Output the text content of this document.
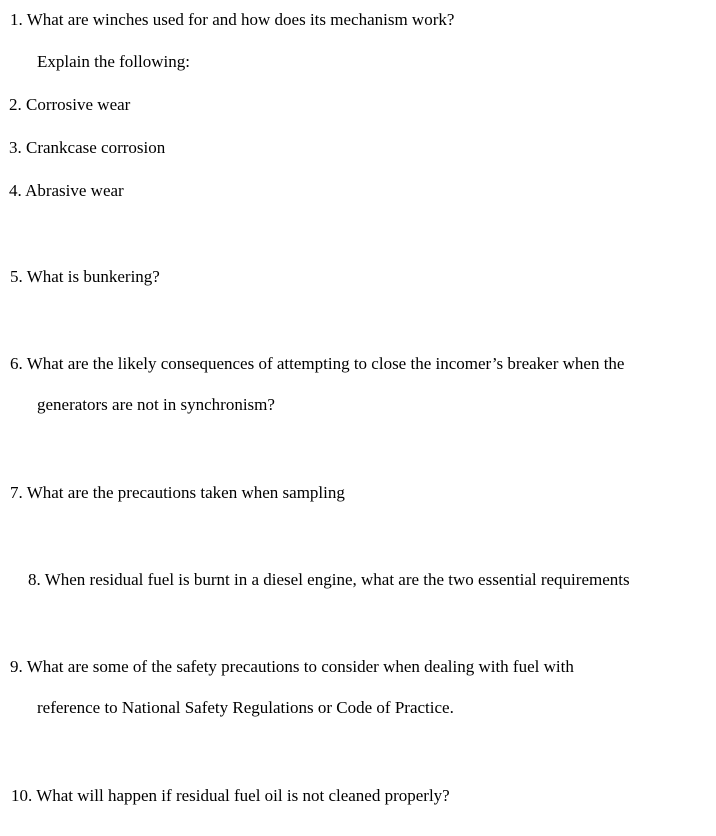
1. What are winches used for and how does its mechanism work?
Explain the following:
2. Corrosive wear
3. Crankcase corrosion
4. Abrasive wear
5. What is bunkering?
6. What are the likely consequences of attempting to close the incomer’s breaker when the
generators are not in synchronism?
7. What are the precautions taken when sampling
8. When residual fuel is burnt in a diesel engine, what are the two essential requirements
9. What are some of the safety precautions to consider when dealing with fuel with
reference to National Safety Regulations or Code of Practice.
10. What will happen if residual fuel oil is not cleaned properly?
